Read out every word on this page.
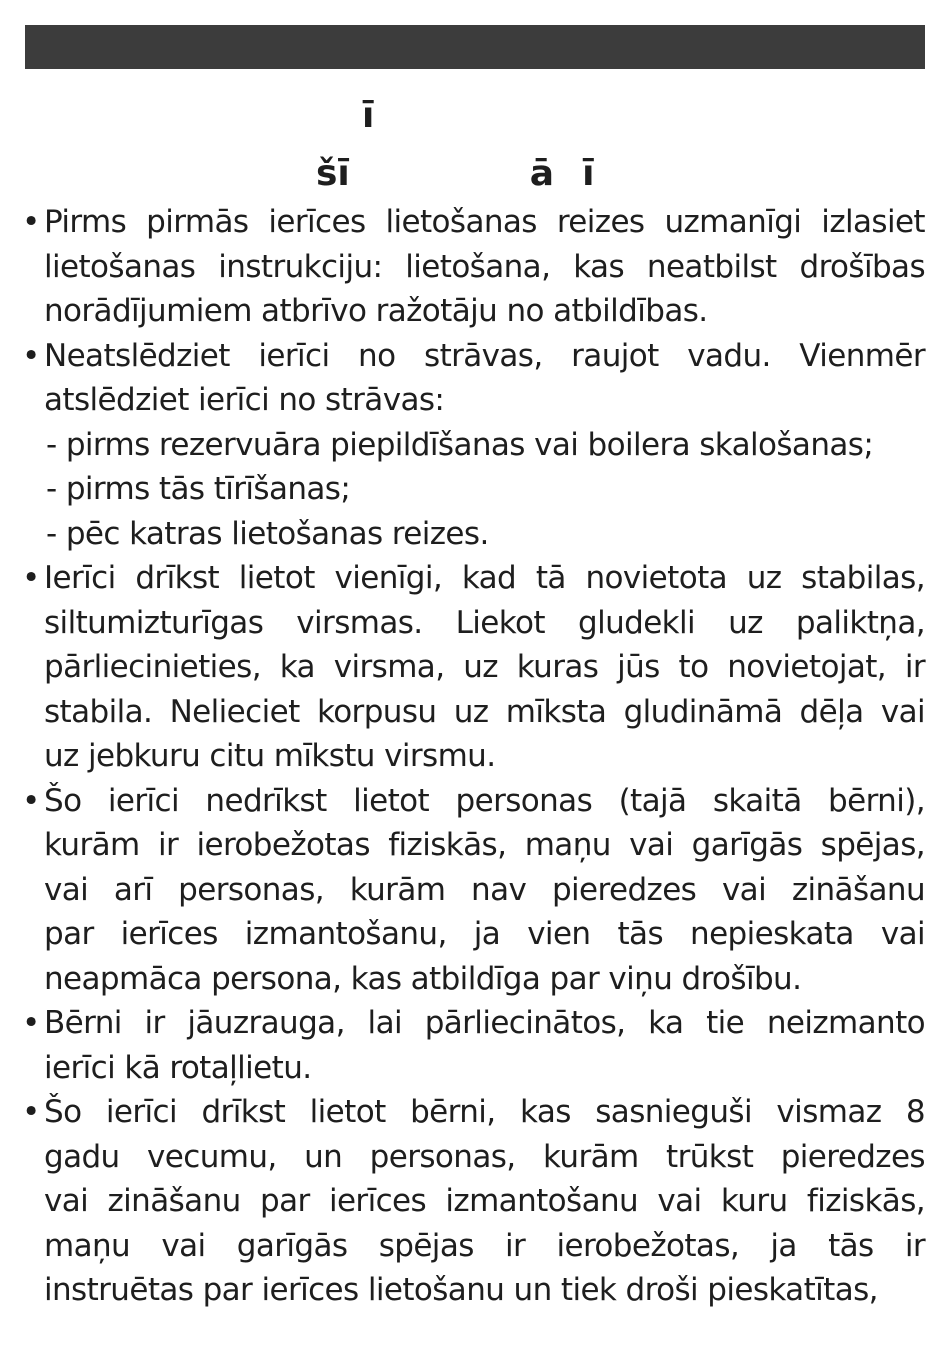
ī
šī	ā ī
• Pirms pirmās ierīces lietošanas reizes uzmanīgi izlasiet
lietošanas instrukciju: lietošana, kas neatbilst drošības
norādījumiem atbrīvo ražotāju no atbildības.
• Neatslēdziet ierīci no strāvas, raujot vadu. Vienmēr
atslēdziet ierīci no strāvas:
- pirms rezervuāra piepildīšanas vai boilera skalošanas;
- pirms tās tīrīšanas;
- pēc katras lietošanas reizes.
• Ierīci drīkst lietot vienīgi, kad tā novietota uz stabilas,
siltumizturīgas virsmas. Liekot gludekli uz paliktņa,
pārliecinieties, ka virsma, uz kuras jūs to novietojat, ir
stabila. Nelieciet korpusu uz mīksta gludināmā dēļa vai
uz jebkuru citu mīkstu virsmu.
• Šo ierīci nedrīkst lietot personas (tajā skaitā bērni),
kurām ir ierobežotas fiziskās, maņu vai garīgās spējas,
vai arī personas, kurām nav pieredzes vai zināšanu
par ierīces izmantošanu, ja vien tās nepieskata vai
neapmāca persona, kas atbildīga par viņu drošību.
• Bērni ir jāuzrauga, lai pārliecinātos, ka tie neizmanto
ierīci kā rotaļlietu.
• Šo ierīci drīkst lietot bērni, kas sasnieguši vismaz 8
gadu vecumu, un personas, kurām trūkst pieredzes
vai zināšanu par ierīces izmantošanu vai kuru fiziskās,
maņu vai garīgās spējas ir ierobežotas, ja tās ir
instruētas par ierīces lietošanu un tiek droši pieskatītas,
